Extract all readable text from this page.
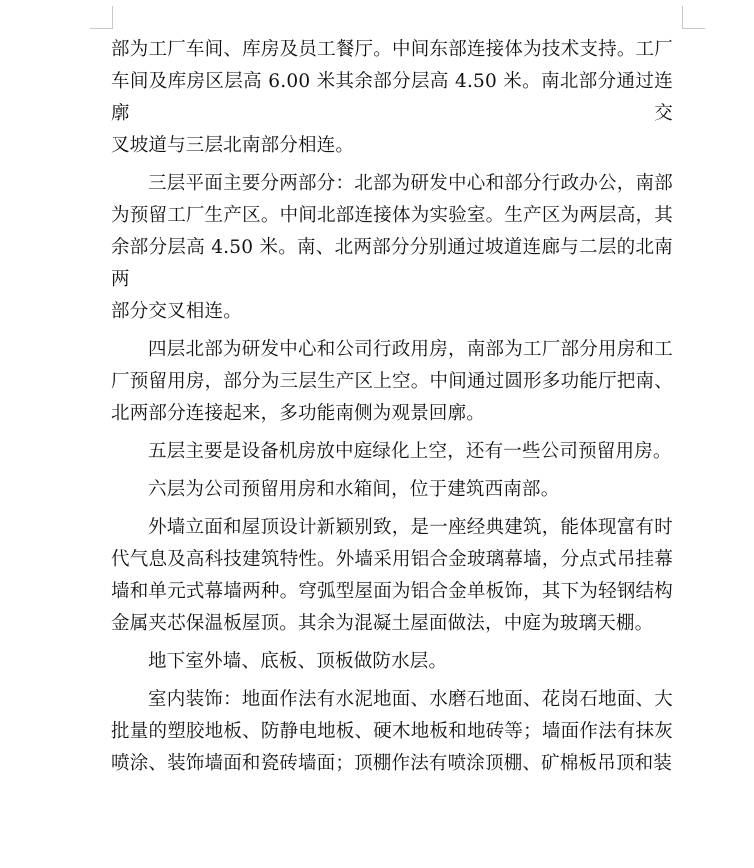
部为工厂车间、库房及员工餐厅。中间东部连接体为技术支持。工厂
车间及库房区层高 6.00 米其余部分层高 4.50 米。南北部分通过连廓交
叉坡道与三层北南部分相连。
三层平面主要分两部分：北部为研发中心和部分行政办公，南部
为预留工厂生产区。中间北部连接体为实验室。生产区为两层高，其
余部分层高 4.50 米。南、北两部分分别通过坡道连廊与二层的北南两
部分交叉相连。
四层北部为研发中心和公司行政用房，南部为工厂部分用房和工
厂预留用房，部分为三层生产区上空。中间通过圆形多功能厅把南、
北两部分连接起来，多功能南侧为观景回廓。
五层主要是设备机房放中庭绿化上空，还有一些公司预留用房。
六层为公司预留用房和水箱间，位于建筑西南部。
外墙立面和屋顶设计新颖别致，是一座经典建筑，能体现富有时
代气息及高科技建筑特性。外墙采用铝合金玻璃幕墙，分点式吊挂幕
墙和单元式幕墙两种。穹弧型屋面为铝合金单板饰，其下为轻钢结构
金属夹芯保温板屋顶。其余为混凝土屋面做法，中庭为玻璃天棚。
地下室外墙、底板、顶板做防水层。
室内装饰：地面作法有水泥地面、水磨石地面、花岗石地面、大
批量的塑胶地板、防静电地板、硬木地板和地砖等；墙面作法有抹灰
喷涂、装饰墙面和瓷砖墙面；顶棚作法有喷涂顶棚、矿棉板吊顶和装
